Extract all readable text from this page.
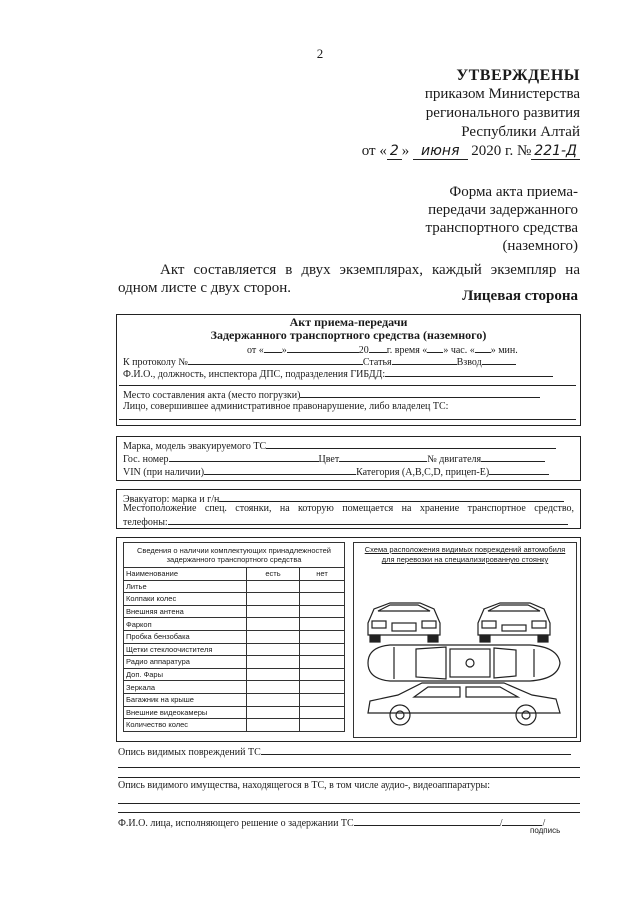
2
УТВЕРЖДЕНЫ
приказом Министерства
регионального развития
Республики Алтай
от « 2 » июня 2020 г. № 221-Д
Форма акта приема-
передачи задержанного
транспортного средства
(наземного)
Акт составляется в двух экземплярах, каждый экземпляр на
одном листе с двух сторон.	Лицевая сторона
Акт приема-передачи
Задержанного транспортного средства (наземного)
от « »	20 г. время « » час. « » мин.
К протоколу №	Статья	Взвод
Ф.И.О., должность, инспектора ДПС, подразделения ГИБДД:
Место составления акта (место погрузки)
Лицо, совершившее административное правонарушение, либо владелец ТС:
Марка, модель эвакуируемого ТС
Гос. номер	Цвет	№ двигателя
VIN (при наличии)	Категория (А,В,С,D, прицеп-Е)
Эвакуатор: марка и г/н
Местоположение спец. стоянки, на которую помещается на хранение транспортное средство,
телефоны:
Сведения о наличии комплектующих принадлежностей задержанного транспортного средства		
Наименование	есть	нет
Литье		
Колпаки колес		
Внешняя антена		
Фаркоп		
Пробка бензобака		
Щетки стеклоочистителя		
Радио аппаратура		
Доп. Фары		
Зеркала		
Багажник на крыше		
Внешние видеокамеры		
Количество колес		
Схема расположения видимых повреждений автомобиля
для перевозки на специализированную стоянку
Опись видимых повреждений ТС
Опись видимого имущества, находящегося в ТС, в том числе аудио-, видеоаппаратуры:
Ф.И.О. лица, исполняющего решение о задержании ТС	/	/
подпись
